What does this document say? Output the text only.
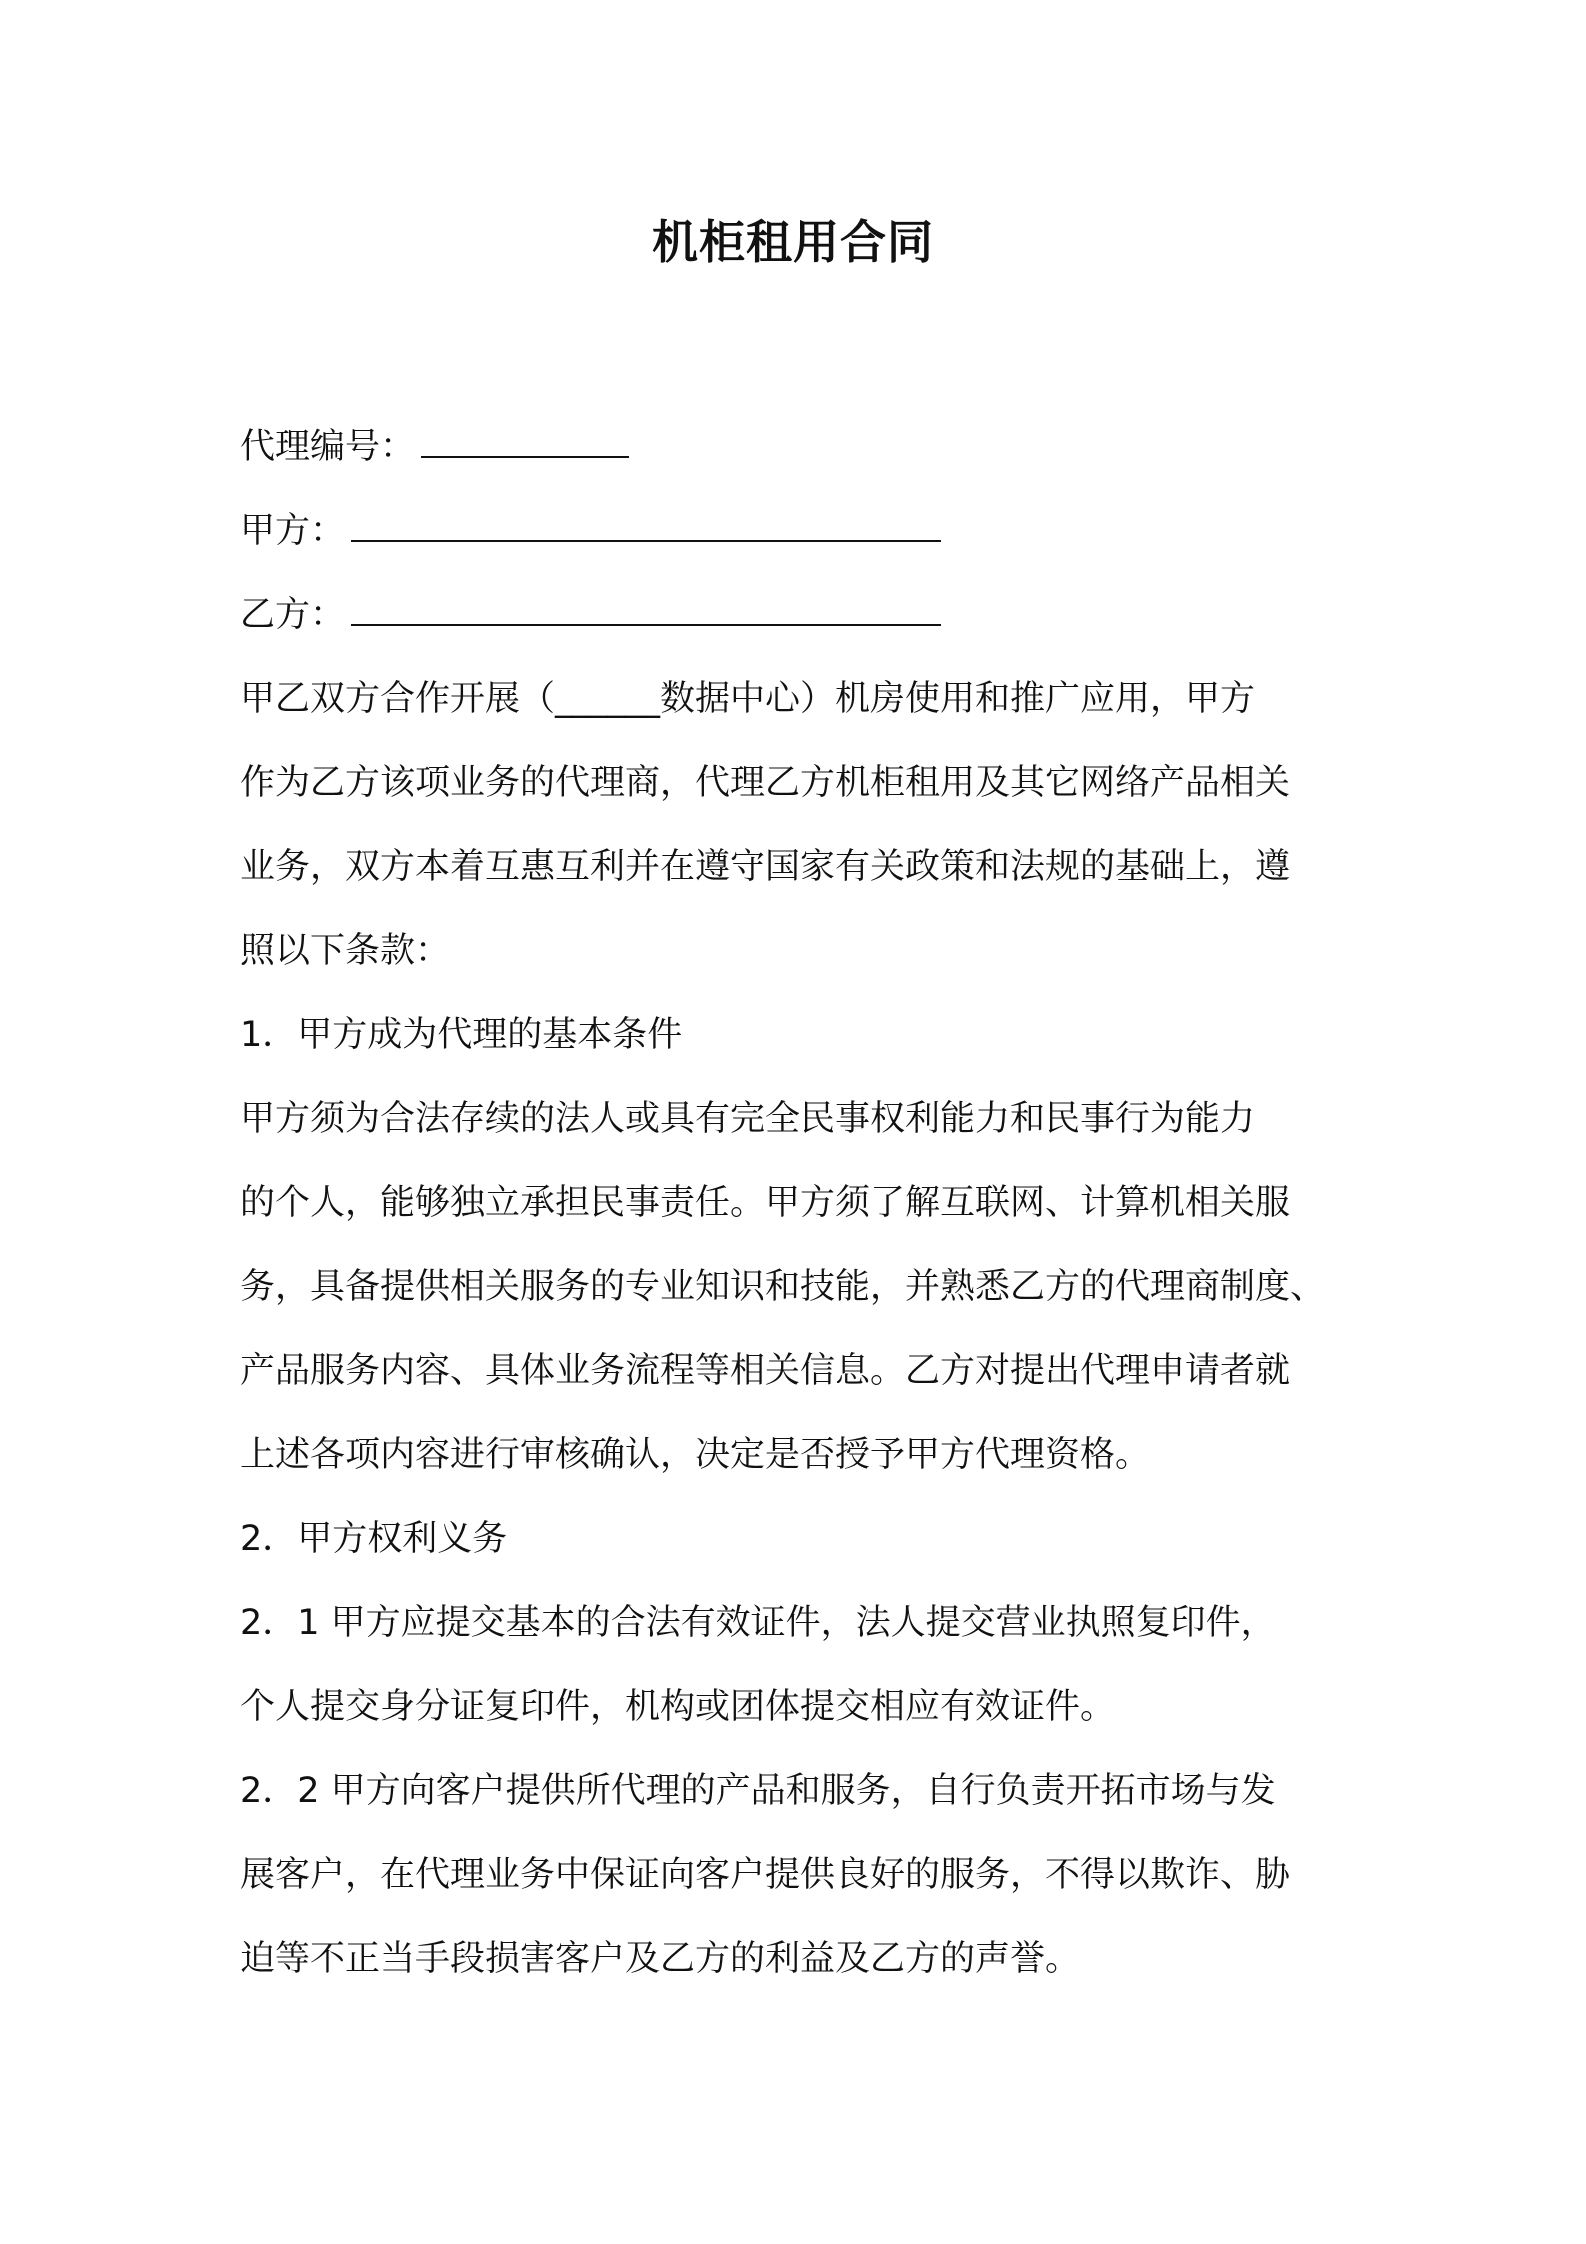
机柜租用合同
代理编号：
甲方：
乙方：
甲乙双方合作开展（______数据中心）机房使用和推广应用，甲方
作为乙方该项业务的代理商，代理乙方机柜租用及其它网络产品相关
业务，双方本着互惠互利并在遵守国家有关政策和法规的基础上，遵
照以下条款：
1．甲方成为代理的基本条件
甲方须为合法存续的法人或具有完全民事权利能力和民事行为能力
的个人，能够独立承担民事责任。甲方须了解互联网、计算机相关服
务，具备提供相关服务的专业知识和技能，并熟悉乙方的代理商制度、
产品服务内容、具体业务流程等相关信息。乙方对提出代理申请者就
上述各项内容进行审核确认，决定是否授予甲方代理资格。
2．甲方权利义务
2．1 甲方应提交基本的合法有效证件，法人提交营业执照复印件，
个人提交身分证复印件，机构或团体提交相应有效证件。
2．2 甲方向客户提供所代理的产品和服务，自行负责开拓市场与发
展客户，在代理业务中保证向客户提供良好的服务，不得以欺诈、胁
迫等不正当手段损害客户及乙方的利益及乙方的声誉。
